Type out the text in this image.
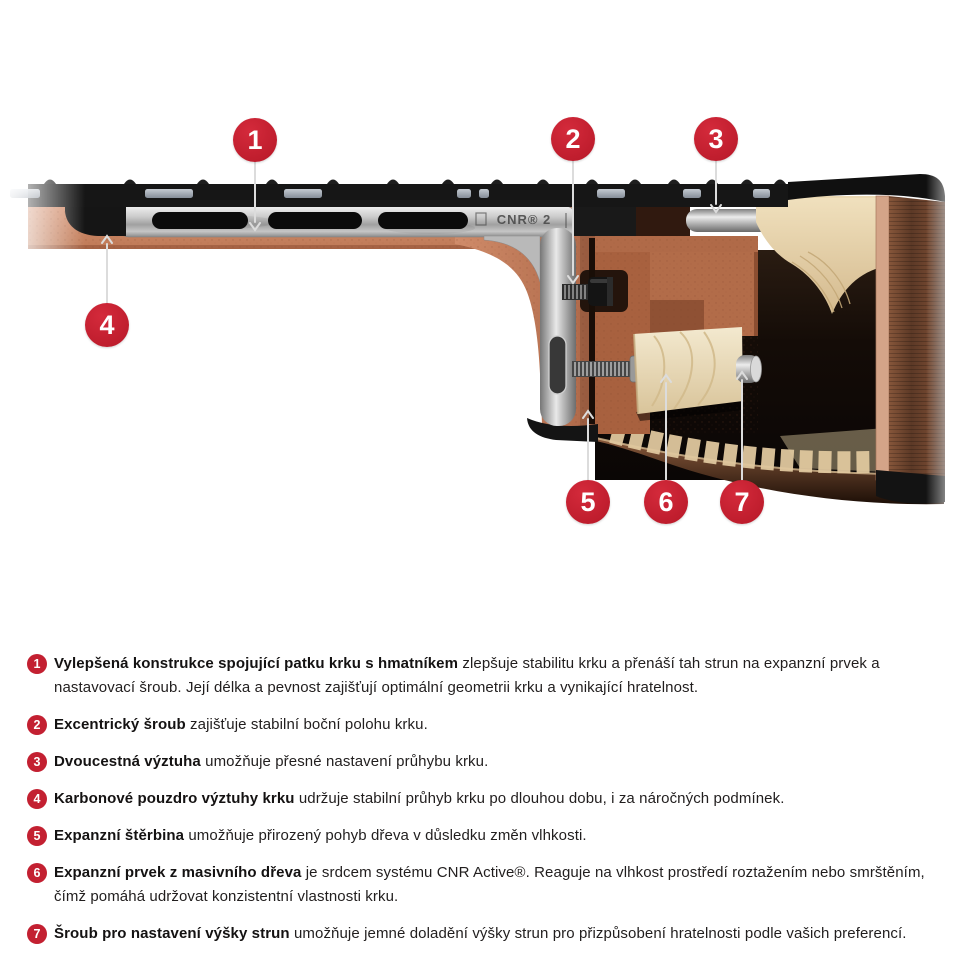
CNR® 2
1	2	3
4
5	6	7
1 Vylepšená konstrukce spojující patku krku s hmatníkem zlepšuje stabilitu krku a přenáší tah strun na expanzní prvek a nastavovací šroub. Její délka a pevnost zajišťují optimální geometrii krku a vynikající hratelnost.

2 Excentrický šroub zajišťuje stabilní boční polohu krku.

3 Dvoucestná výztuha umožňuje přesné nastavení průhybu krku.

4 Karbonové pouzdro výztuhy krku udržuje stabilní průhyb krku po dlouhou dobu, i za náročných podmínek.

5 Expanzní štěrbina umožňuje přirozený pohyb dřeva v důsledku změn vlhkosti.

6 Expanzní prvek z masivního dřeva je srdcem systému CNR Active®. Reaguje na vlhkost prostředí roztažením nebo smrštěním, čímž pomáhá udržovat konzistentní vlastnosti krku.

7 Šroub pro nastavení výšky strun umožňuje jemné doladění výšky strun pro přizpůsobení hratelnosti podle vašich preferencí.
